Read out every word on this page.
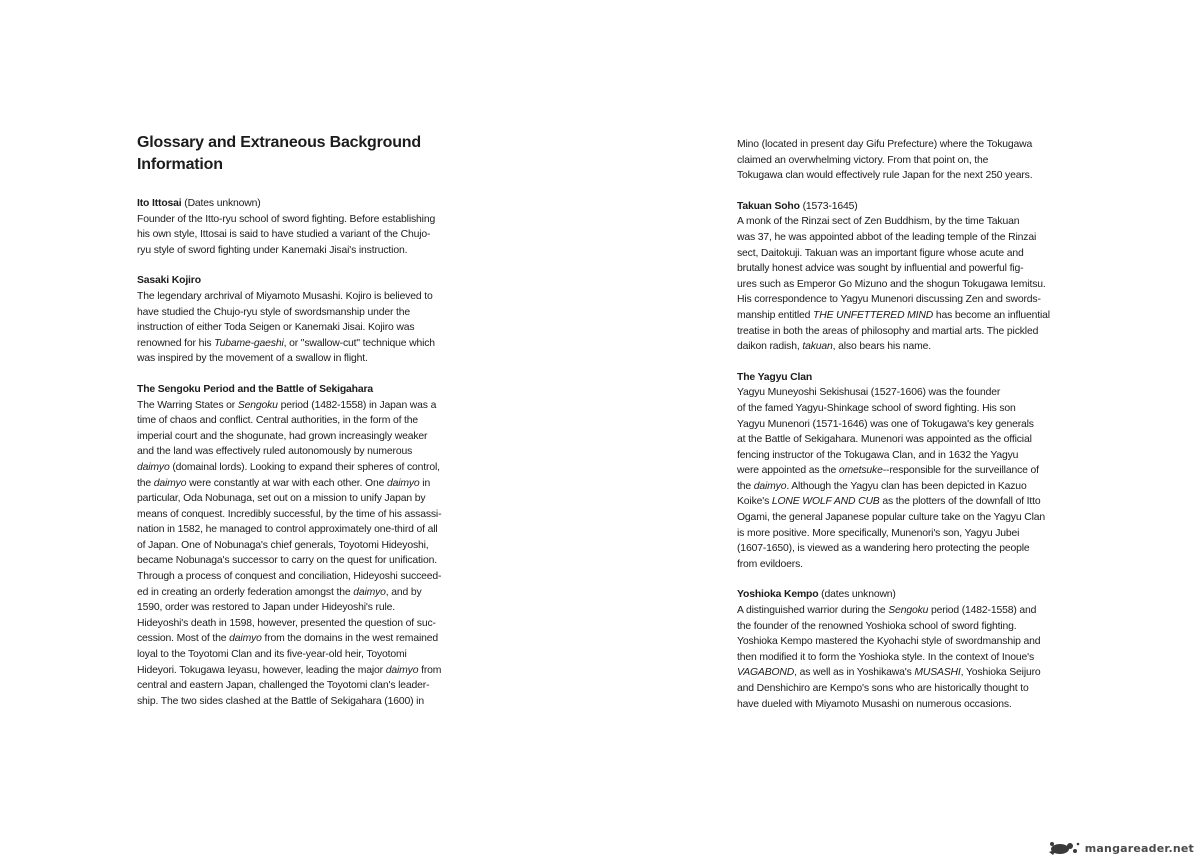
Glossary and Extraneous Background
Information
Ito Ittosai (Dates unknown)
Founder of the Itto-ryu school of sword fighting. Before establishing
his own style, Ittosai is said to have studied a variant of the Chujo-
ryu style of sword fighting under Kanemaki Jisai's instruction.
Sasaki Kojiro
The legendary archrival of Miyamoto Musashi. Kojiro is believed to
have studied the Chujo-ryu style of swordsmanship under the
instruction of either Toda Seigen or Kanemaki Jisai. Kojiro was
renowned for his Tubame-gaeshi, or "swallow-cut" technique which
was inspired by the movement of a swallow in flight.
The Sengoku Period and the Battle of Sekigahara
The Warring States or Sengoku period (1482-1558) in Japan was a
time of chaos and conflict. Central authorities, in the form of the
imperial court and the shogunate, had grown increasingly weaker
and the land was effectively ruled autonomously by numerous
daimyo (domainal lords). Looking to expand their spheres of control,
the daimyo were constantly at war with each other. One daimyo in
particular, Oda Nobunaga, set out on a mission to unify Japan by
means of conquest. Incredibly successful, by the time of his assassi-
nation in 1582, he managed to control approximately one-third of all
of Japan. One of Nobunaga's chief generals, Toyotomi Hideyoshi,
became Nobunaga's successor to carry on the quest for unification.
Through a process of conquest and conciliation, Hideyoshi succeed-
ed in creating an orderly federation amongst the daimyo, and by
1590, order was restored to Japan under Hideyoshi's rule.
Hideyoshi's death in 1598, however, presented the question of suc-
cession. Most of the daimyo from the domains in the west remained
loyal to the Toyotomi Clan and its five-year-old heir, Toyotomi
Hideyori. Tokugawa Ieyasu, however, leading the major daimyo from
central and eastern Japan, challenged the Toyotomi clan's leader-
ship. The two sides clashed at the Battle of Sekigahara (1600) in
Mino (located in present day Gifu Prefecture) where the Tokugawa
claimed an overwhelming victory. From that point on, the
Tokugawa clan would effectively rule Japan for the next 250 years.
Takuan Soho (1573-1645)
A monk of the Rinzai sect of Zen Buddhism, by the time Takuan
was 37, he was appointed abbot of the leading temple of the Rinzai
sect, Daitokuji. Takuan was an important figure whose acute and
brutally honest advice was sought by influential and powerful fig-
ures such as Emperor Go Mizuno and the shogun Tokugawa Iemitsu.
His correspondence to Yagyu Munenori discussing Zen and swords-
manship entitled THE UNFETTERED MIND has become an influential
treatise in both the areas of philosophy and martial arts. The pickled
daikon radish, takuan, also bears his name.
The Yagyu Clan
Yagyu Muneyoshi Sekishusai (1527-1606) was the founder
of the famed Yagyu-Shinkage school of sword fighting. His son
Yagyu Munenori (1571-1646) was one of Tokugawa's key generals
at the Battle of Sekigahara. Munenori was appointed as the official
fencing instructor of the Tokugawa Clan, and in 1632 the Yagyu
were appointed as the ometsuke--responsible for the surveillance of
the daimyo. Although the Yagyu clan has been depicted in Kazuo
Koike's LONE WOLF AND CUB as the plotters of the downfall of Itto
Ogami, the general Japanese popular culture take on the Yagyu Clan
is more positive. More specifically, Munenori's son, Yagyu Jubei
(1607-1650), is viewed as a wandering hero protecting the people
from evildoers.
Yoshioka Kempo (dates unknown)
A distinguished warrior during the Sengoku period (1482-1558) and
the founder of the renowned Yoshioka school of sword fighting.
Yoshioka Kempo mastered the Kyohachi style of swordmanship and
then modified it to form the Yoshioka style. In the context of Inoue's
VAGABOND, as well as in Yoshikawa's MUSASHI, Yoshioka Seijuro
and Denshichiro are Kempo's sons who are historically thought to
have dueled with Miyamoto Musashi on numerous occasions.
mangareader.net
